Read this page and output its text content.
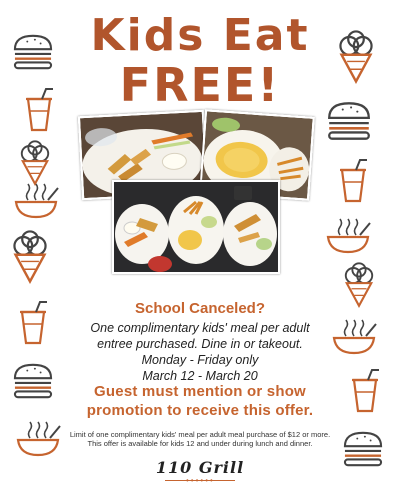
Kids Eat
FREE!
School Canceled?
One complimentary kids' meal per adult
entree purchased. Dine in or takeout.
Monday - Friday only
March 12 - March 20
Guest must mention or show
promotion to receive this offer.
Limit of one complimentary kids' meal per adult meal purchase of $12 or more.
This offer is available for kids 12 and under during lunch and dinner.
110 Grill
••••••
